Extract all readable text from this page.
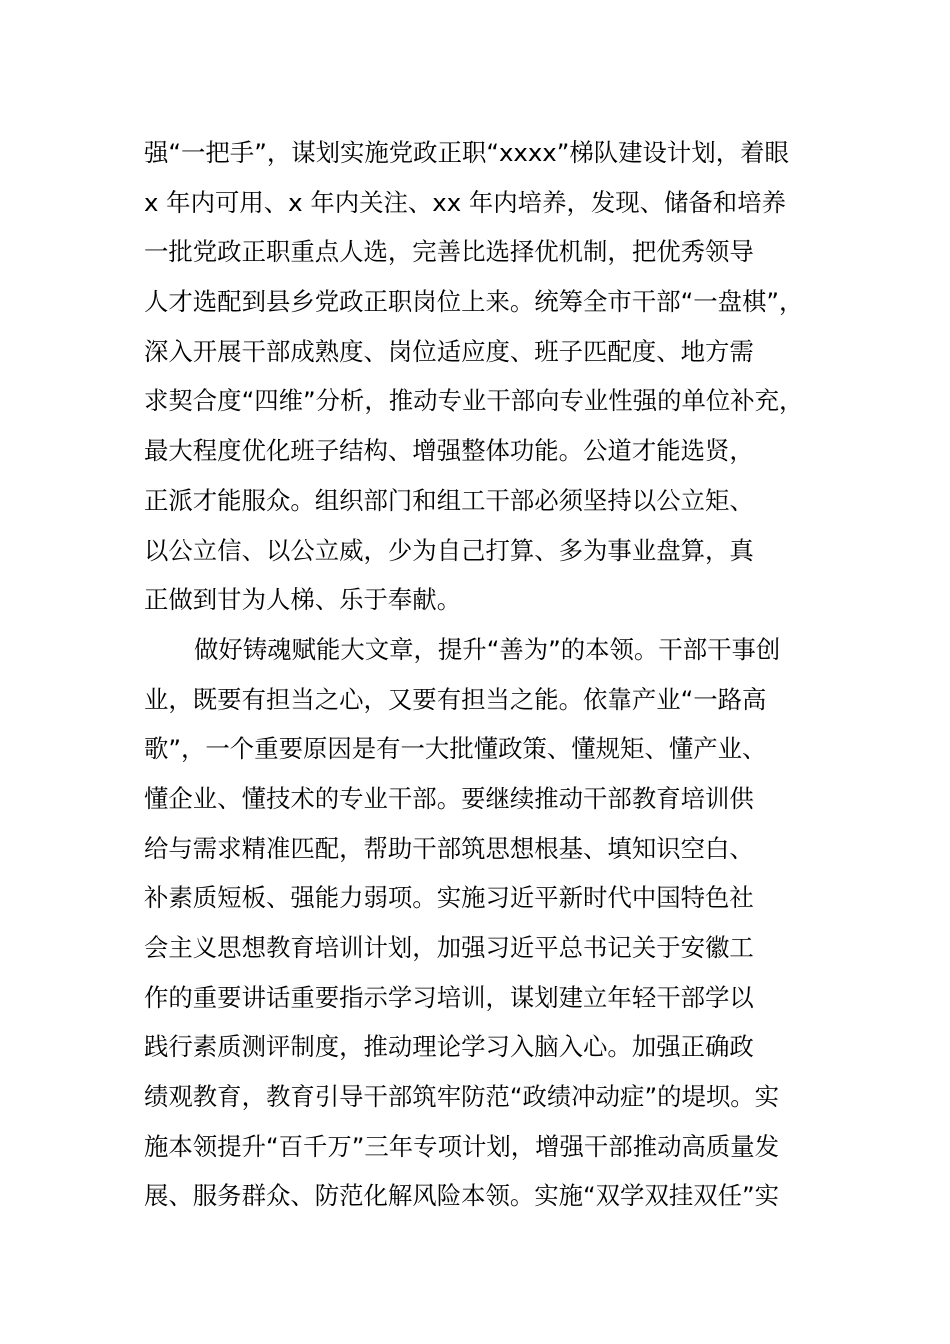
强“一把手”，谋划实施党政正职“xxxx”梯队建设计划，着眼
x 年内可用、x 年内关注、xx 年内培养，发现、储备和培养
一批党政正职重点人选，完善比选择优机制，把优秀领导
人才选配到县乡党政正职岗位上来。统筹全市干部“一盘棋”，
深入开展干部成熟度、岗位适应度、班子匹配度、地方需
求契合度“四维”分析，推动专业干部向专业性强的单位补充，
最大程度优化班子结构、增强整体功能。公道才能选贤，
正派才能服众。组织部门和组工干部必须坚持以公立矩、
以公立信、以公立威，少为自己打算、多为事业盘算，真
正做到甘为人梯、乐于奉献。
做好铸魂赋能大文章，提升“善为”的本领。干部干事创
业，既要有担当之心，又要有担当之能。依靠产业“一路高
歌”，一个重要原因是有一大批懂政策、懂规矩、懂产业、
懂企业、懂技术的专业干部。要继续推动干部教育培训供
给与需求精准匹配，帮助干部筑思想根基、填知识空白、
补素质短板、强能力弱项。实施习近平新时代中国特色社
会主义思想教育培训计划，加强习近平总书记关于安徽工
作的重要讲话重要指示学习培训，谋划建立年轻干部学以
践行素质测评制度，推动理论学习入脑入心。加强正确政
绩观教育，教育引导干部筑牢防范“政绩冲动症”的堤坝。实
施本领提升“百千万”三年专项计划，增强干部推动高质量发
展、服务群众、防范化解风险本领。实施“双学双挂双任”实
